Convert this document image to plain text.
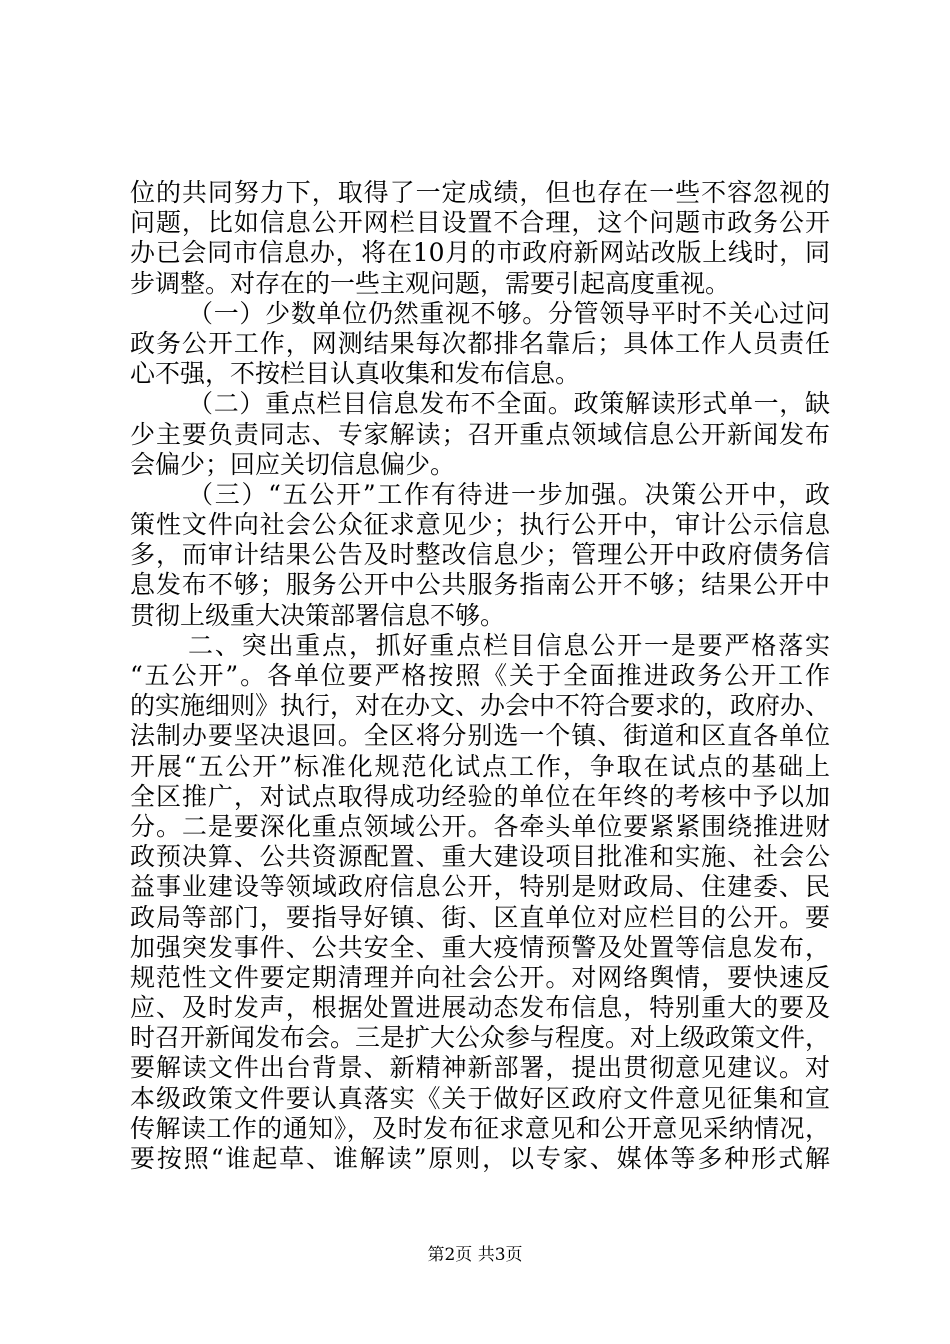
位的共同努力下，取得了一定成绩，但也存在一些不容忽视的
问题，比如信息公开网栏目设置不合理，这个问题市政务公开
办已会同市信息办，将在10月的市政府新网站改版上线时，同
步调整。对存在的一些主观问题，需要引起高度重视。
（一）少数单位仍然重视不够。分管领导平时不关心过问
政务公开工作，网测结果每次都排名靠后；具体工作人员责任
心不强，不按栏目认真收集和发布信息。
（二）重点栏目信息发布不全面。政策解读形式单一，缺
少主要负责同志、专家解读；召开重点领域信息公开新闻发布
会偏少；回应关切信息偏少。
（三）“五公开”工作有待进一步加强。决策公开中，政
策性文件向社会公众征求意见少；执行公开中，审计公示信息
多，而审计结果公告及时整改信息少；管理公开中政府债务信
息发布不够；服务公开中公共服务指南公开不够；结果公开中
贯彻上级重大决策部署信息不够。
二、突出重点，抓好重点栏目信息公开一是要严格落实
“五公开”。各单位要严格按照《关于全面推进政务公开工作
的实施细则》执行，对在办文、办会中不符合要求的，政府办、
法制办要坚决退回。全区将分别选一个镇、街道和区直各单位
开展“五公开”标准化规范化试点工作，争取在试点的基础上
全区推广，对试点取得成功经验的单位在年终的考核中予以加
分。二是要深化重点领域公开。各牵头单位要紧紧围绕推进财
政预决算、公共资源配置、重大建设项目批准和实施、社会公
益事业建设等领域政府信息公开，特别是财政局、住建委、民
政局等部门，要指导好镇、街、区直单位对应栏目的公开。要
加强突发事件、公共安全、重大疫情预警及处置等信息发布，
规范性文件要定期清理并向社会公开。对网络舆情，要快速反
应、及时发声，根据处置进展动态发布信息，特别重大的要及
时召开新闻发布会。三是扩大公众参与程度。对上级政策文件，
要解读文件出台背景、新精神新部署，提出贯彻意见建议。对
本级政策文件要认真落实《关于做好区政府文件意见征集和宣
传解读工作的通知》，及时发布征求意见和公开意见采纳情况，
要按照“谁起草、谁解读”原则，以专家、媒体等多种形式解
第2页 共3页
